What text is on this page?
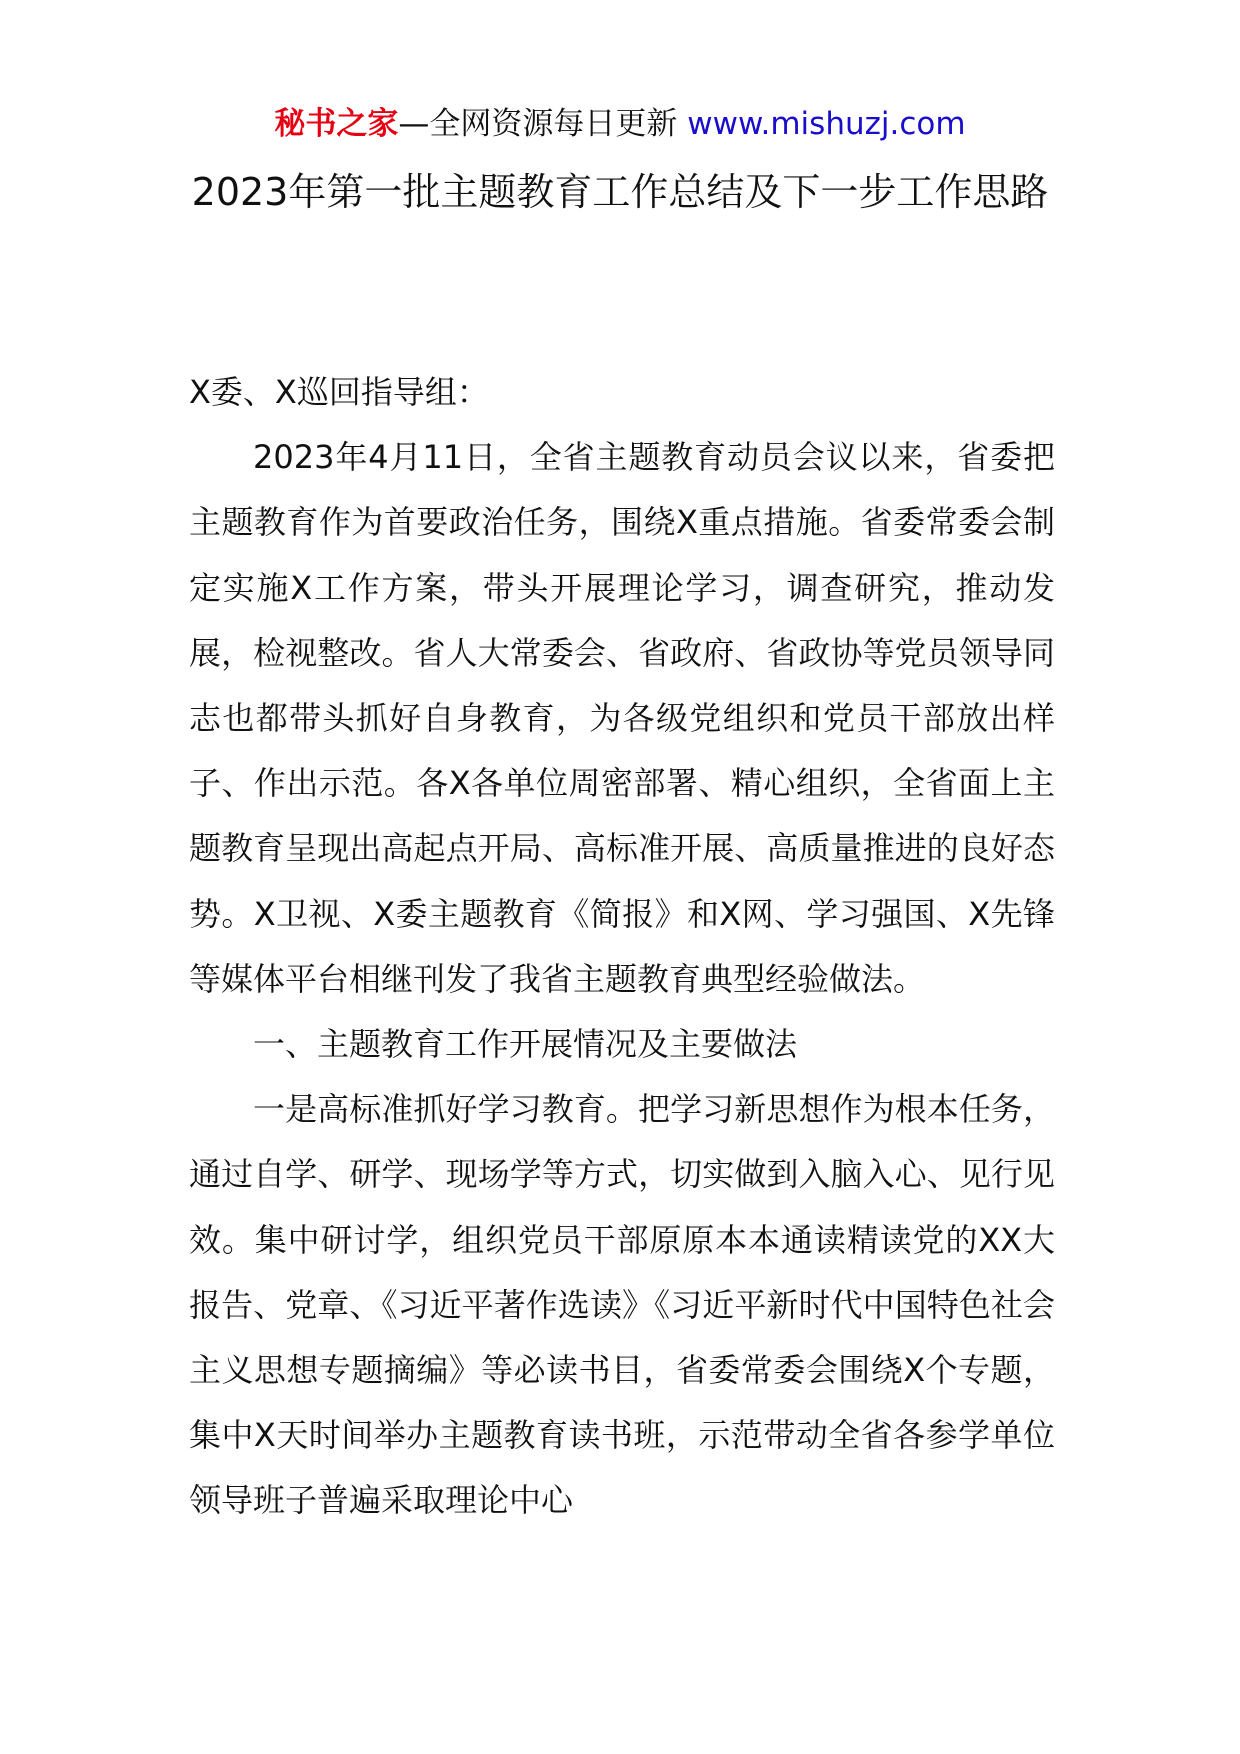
秘书之家—全网资源每日更新 www.mishuzj.com
2023年第一批主题教育工作总结及下一步工作思路

X委、X巡回指导组：

2023年4月11日，全省主题教育动员会议以来，省委把主题教育作为首要政治任务，围绕X重点措施。省委常委会制定实施X工作方案，带头开展理论学习，调查研究，推动发展，检视整改。省人大常委会、省政府、省政协等党员领导同志也都带头抓好自身教育，为各级党组织和党员干部放出样子、作出示范。各X各单位周密部署、精心组织，全省面上主题教育呈现出高起点开局、高标准开展、高质量推进的良好态势。X卫视、X委主题教育《简报》和X网、学习强国、X先锋等媒体平台相继刊发了我省主题教育典型经验做法。

一、主题教育工作开展情况及主要做法

一是高标准抓好学习教育。把学习新思想作为根本任务，通过自学、研学、现场学等方式，切实做到入脑入心、见行见效。集中研讨学，组织党员干部原原本本通读精读党的XX大报告、党章、《习近平著作选读》《习近平新时代中国特色社会主义思想专题摘编》等必读书目，省委常委会围绕X个专题，集中X天时间举办主题教育读书班，示范带动全省各参学单位领导班子普遍采取理论中心
